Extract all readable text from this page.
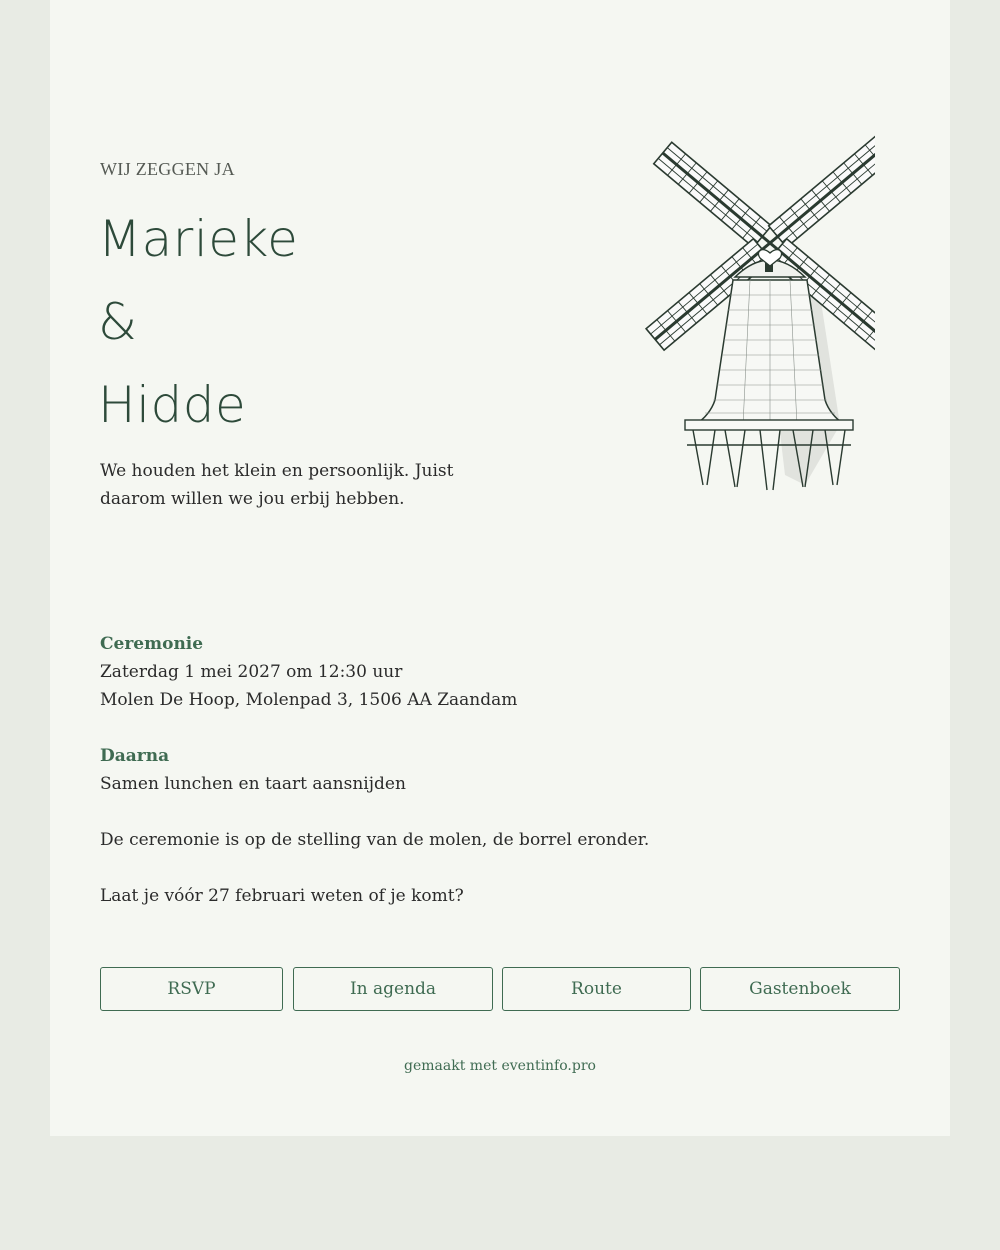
WIJ ZEGGEN JA
Marieke
&
Hidde
We houden het klein en persoonlijk. Juist daarom willen we jou erbij hebben.
Ceremonie
Zaterdag 1 mei 2027 om 12:30 uur
Molen De Hoop, Molenpad 3, 1506 AA Zaandam
Daarna
Samen lunchen en taart aansnijden
De ceremonie is op de stelling van de molen, de borrel eronder.
Laat je vóór 27 februari weten of je komt?
RSVP	In agenda	Route	Gastenboek
gemaakt met eventinfo.pro
